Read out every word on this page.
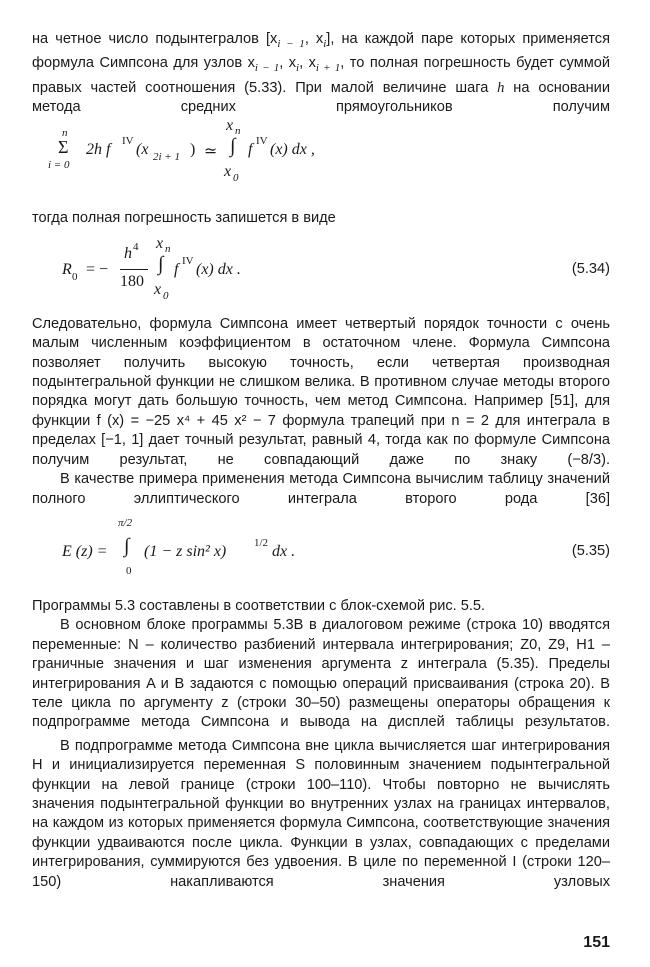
на четное число подынтегралов [$x_{i - 1}$, $x_i$], на каждой паре которых применяется формула Симпсона для узлов $x_{i - 1}$, $x_i$, $x_{i + 1}$, то полная погрешность будет суммой правых частей соотношения (5.33). При малой величине шага h на основании метода средних прямоугольников получим

n
Σ
i = 0
2h f IV (x 2i + 1 ) ≃
x n
∫
x 0
f IV (x) dx ,

тогда полная погрешность запишется в виде

R 0 = −
h 4
180
x n
∫
x 0
f IV (x) dx .	(5.34)

Следовательно, формула Симпсона имеет четвертый порядок точности с очень малым численным коэффициентом в остаточном члене. Формула Симпсона позволяет получить высокую точность, если четвертая производная подынтегральной функции не слишком велика. В противном случае методы второго порядка могут дать большую точность, чем метод Симпсона. Например [51], для функции f (x) = −25 x⁴ + 45 x² − 7 формула трапеций при n = 2 для интеграла в пределах [−1, 1] дает точный результат, равный 4, тогда как по формуле Симпсона получим результат, не совпадающий даже по знаку (−8/3).

В качестве примера применения метода Симпсона вычислим таблицу значений полного эллиптического интеграла второго рода [36]

E (z) =
π/2
∫
0
(1 − z sin² x)	1/2 dx .	(5.35)

Программы 5.3 составлены в соответствии с блок-схемой рис. 5.5.

В основном блоке программы 5.3В в диалоговом режиме (строка 10) вводятся переменные: N – количество разбиений интервала интегрирования; Z0, Z9, H1 – граничные значения и шаг изменения аргумента z интеграла (5.35). Пределы интегрирования A и B задаются с помощью операций присваивания (строка 20). В теле цикла по аргументу z (строки 30–50) размещены операторы обращения к подпрограмме метода Симпсона и вывода на дисплей таблицы результатов.

В подпрограмме метода Симпсона вне цикла вычисляется шаг интегрирования H и инициализируется переменная S половинным значением подынтегральной функции на левой границе (строки 100–110). Чтобы повторно не вычислять значения подынтегральной функции во внутренних узлах на границах интервалов, на каждом из которых применяется формула Симпсона, соответствующие значения функции удваиваются после цикла. Функции в узлах, совпадающих с пределами интегрирования, суммируются без удвоения. В циле по переменной I (строки 120–150) накапливаются значения узловых

151
